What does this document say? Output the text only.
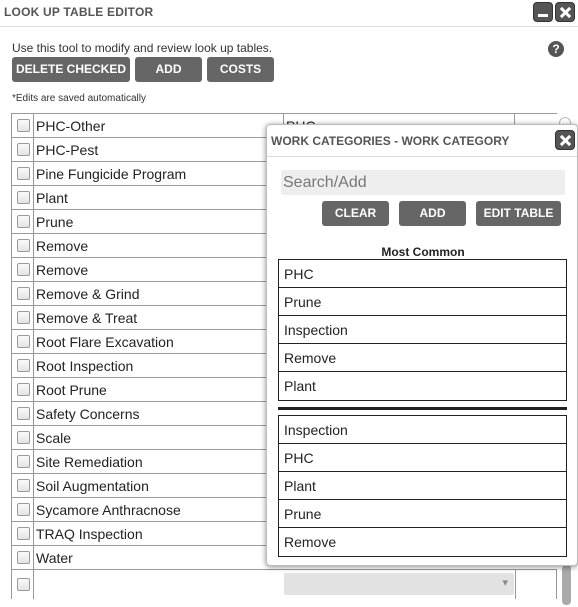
LOOK UP TABLE EDITOR
Use this tool to modify and review look up tables.	?
DELETE CHECKED	ADD	COSTS
*Edits are saved automatically
PHC-Other
PHC-Pest
Pine Fungicide Program
Plant
Prune
Remove
Remove
Remove & Grind
Remove & Treat
Root Flare Excavation
Root Inspection
Root Prune
Safety Concerns
Scale
Site Remediation
Soil Augmentation
Sycamore Anthracnose
TRAQ Inspection
Water
▾
WORK CATEGORIES - WORK CATEGORY
Search/Add
CLEAR	ADD	EDIT TABLE
Most Common
PHC
Prune
Inspection
Remove
Plant
Inspection
PHC
Plant
Prune
Remove
